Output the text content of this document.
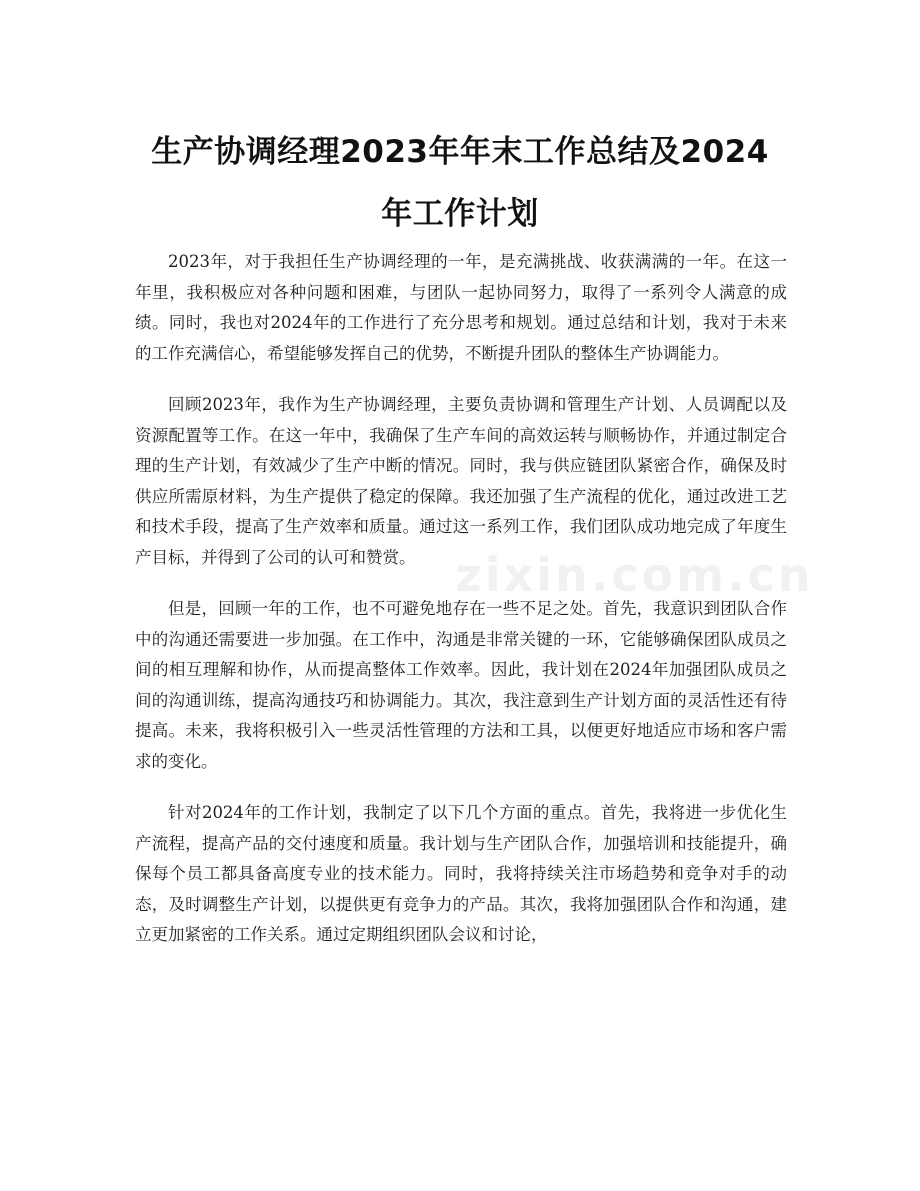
生产协调经理2023年年末工作总结及2024
年工作计划

2023年，对于我担任生产协调经理的一年，是充满挑战、收获满满的一年。在这一年里，我积极应对各种问题和困难，与团队一起协同努力，取得了一系列令人满意的成绩。同时，我也对2024年的工作进行了充分思考和规划。通过总结和计划，我对于未来的工作充满信心，希望能够发挥自己的优势，不断提升团队的整体生产协调能力。

回顾2023年，我作为生产协调经理，主要负责协调和管理生产计划、人员调配以及资源配置等工作。在这一年中，我确保了生产车间的高效运转与顺畅协作，并通过制定合理的生产计划，有效减少了生产中断的情况。同时，我与供应链团队紧密合作，确保及时供应所需原材料，为生产提供了稳定的保障。我还加强了生产流程的优化，通过改进工艺和技术手段，提高了生产效率和质量。通过这一系列工作，我们团队成功地完成了年度生产目标，并得到了公司的认可和赞赏。

但是，回顾一年的工作，也不可避免地存在一些不足之处。首先，我意识到团队合作中的沟通还需要进一步加强。在工作中，沟通是非常关键的一环，它能够确保团队成员之间的相互理解和协作，从而提高整体工作效率。因此，我计划在2024年加强团队成员之间的沟通训练，提高沟通技巧和协调能力。其次，我注意到生产计划方面的灵活性还有待提高。未来，我将积极引入一些灵活性管理的方法和工具，以便更好地适应市场和客户需求的变化。

针对2024年的工作计划，我制定了以下几个方面的重点。首先，我将进一步优化生产流程，提高产品的交付速度和质量。我计划与生产团队合作，加强培训和技能提升，确保每个员工都具备高度专业的技术能力。同时，我将持续关注市场趋势和竞争对手的动态，及时调整生产计划，以提供更有竞争力的产品。其次，我将加强团队合作和沟通，建立更加紧密的工作关系。通过定期组织团队会议和讨论，

zixin.com.cn
